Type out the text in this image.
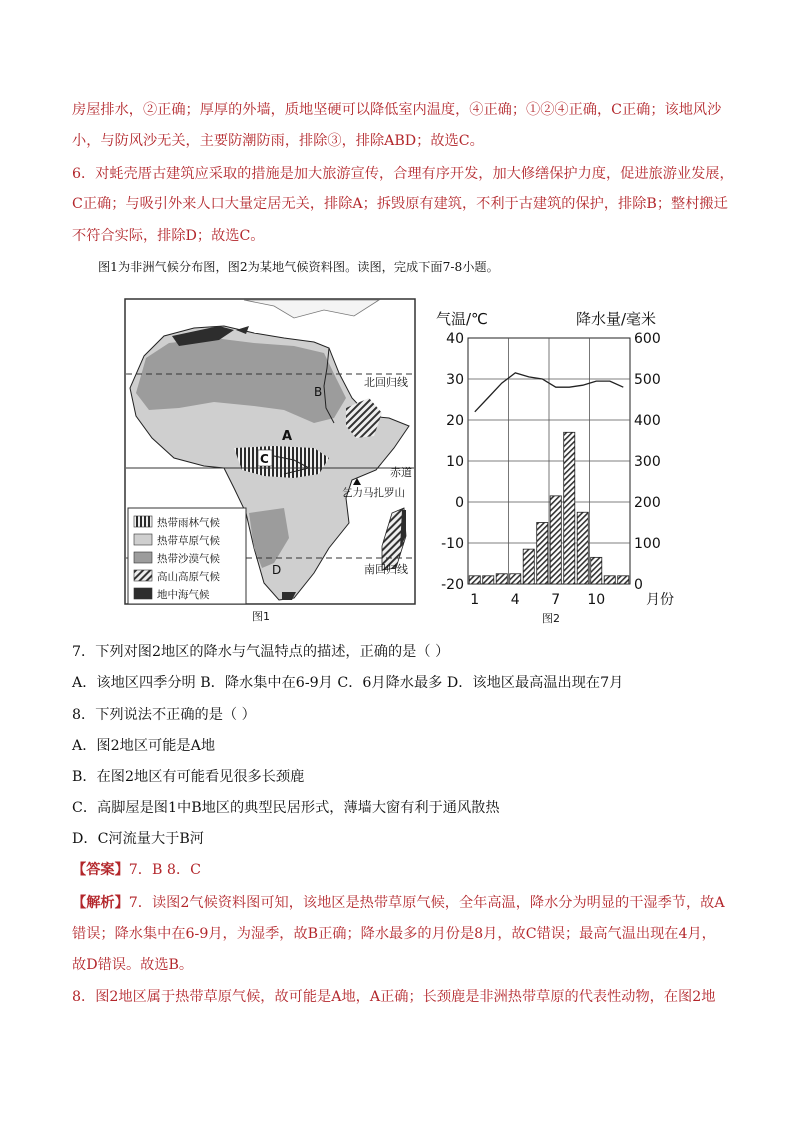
房屋排水，②正确；厚厚的外墙，质地坚硬可以降低室内温度，④正确；①②④正确，C正确；该地风沙
小，与防风沙无关，主要防潮防雨，排除③，排除ABD；故选C。
6．对蚝壳厝古建筑应采取的措施是加大旅游宣传，合理有序开发，加大修缮保护力度，促进旅游业发展，
C正确；与吸引外来人口大量定居无关，排除A；拆毁原有建筑，不利于古建筑的保护，排除B；整村搬迁
不符合实际，排除D；故选C。
图1为非洲气候分布图，图2为某地气候资料图。读图，完成下面7-8小题。
北回归线
赤道
南回归线
乞力马扎罗山
A
B
C
D
热带雨林气候
热带草原气候
热带沙漠气候
高山高原气候
地中海气候
图1
气温/℃	降水量/毫米
40
30
20
10
0
-10
-20
600
500
400
300
200
100
0
1 4 7 10	月份
图2
7．下列对图2地区的降水与气温特点的描述，正确的是（ ）
A．该地区四季分明 B．降水集中在6-9月 C．6月降水最多 D．该地区最高温出现在7月
8．下列说法不正确的是（ ）
A．图2地区可能是A地
B．在图2地区有可能看见很多长颈鹿
C．高脚屋是图1中B地区的典型民居形式，薄墙大窗有利于通风散热
D．C河流量大于B河
【答案】7．B 8．C
【解析】7．读图2气候资料图可知，该地区是热带草原气候，全年高温，降水分为明显的干湿季节，故A
错误；降水集中在6-9月，为湿季，故B正确；降水最多的月份是8月，故C错误；最高气温出现在4月，
故D错误。故选B。
8．图2地区属于热带草原气候，故可能是A地，A正确；长颈鹿是非洲热带草原的代表性动物，在图2地
